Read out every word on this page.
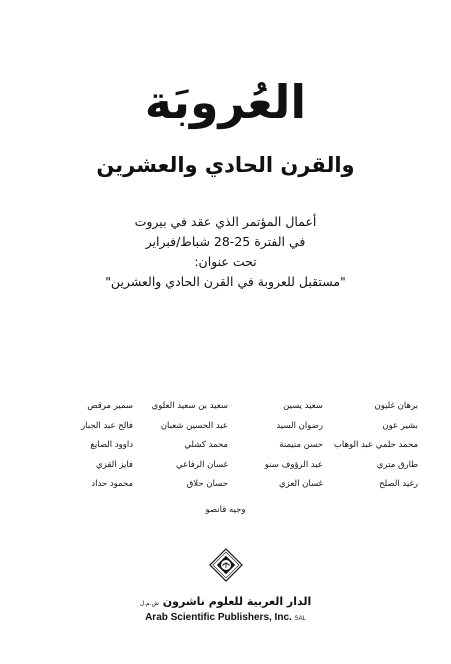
العُروبَة
والقرن الحادي والعشرين
أعمال المؤتمر الذي عقد في بيروت
في الفترة 25-28 شباط/فبراير
تحت عنوان:
"مستقبل للعروبة في القرن الحادي والعشرين"
برهان غليون
سعيد يسين
سعيد بن سعيد العلوي
سمير مرقص
بشير عون
رضوان السيد
عبد الحسين شعبان
فالح عبد الجبار
محمد حلمي عبد الوهاب
حسن منيمنة
محمد كشلي
داوود الصايغ
طارق متري
عبد الرؤوف سنو
غسان الرفاعي
فايز القزي
رغيد الصلح
غسان العزي
حسان حلاق
محمود حداد
وجيه قانصو
الدار العربية للعلوم ناشرون ش.م.ل
Arab Scientific Publishers, Inc. SAL
